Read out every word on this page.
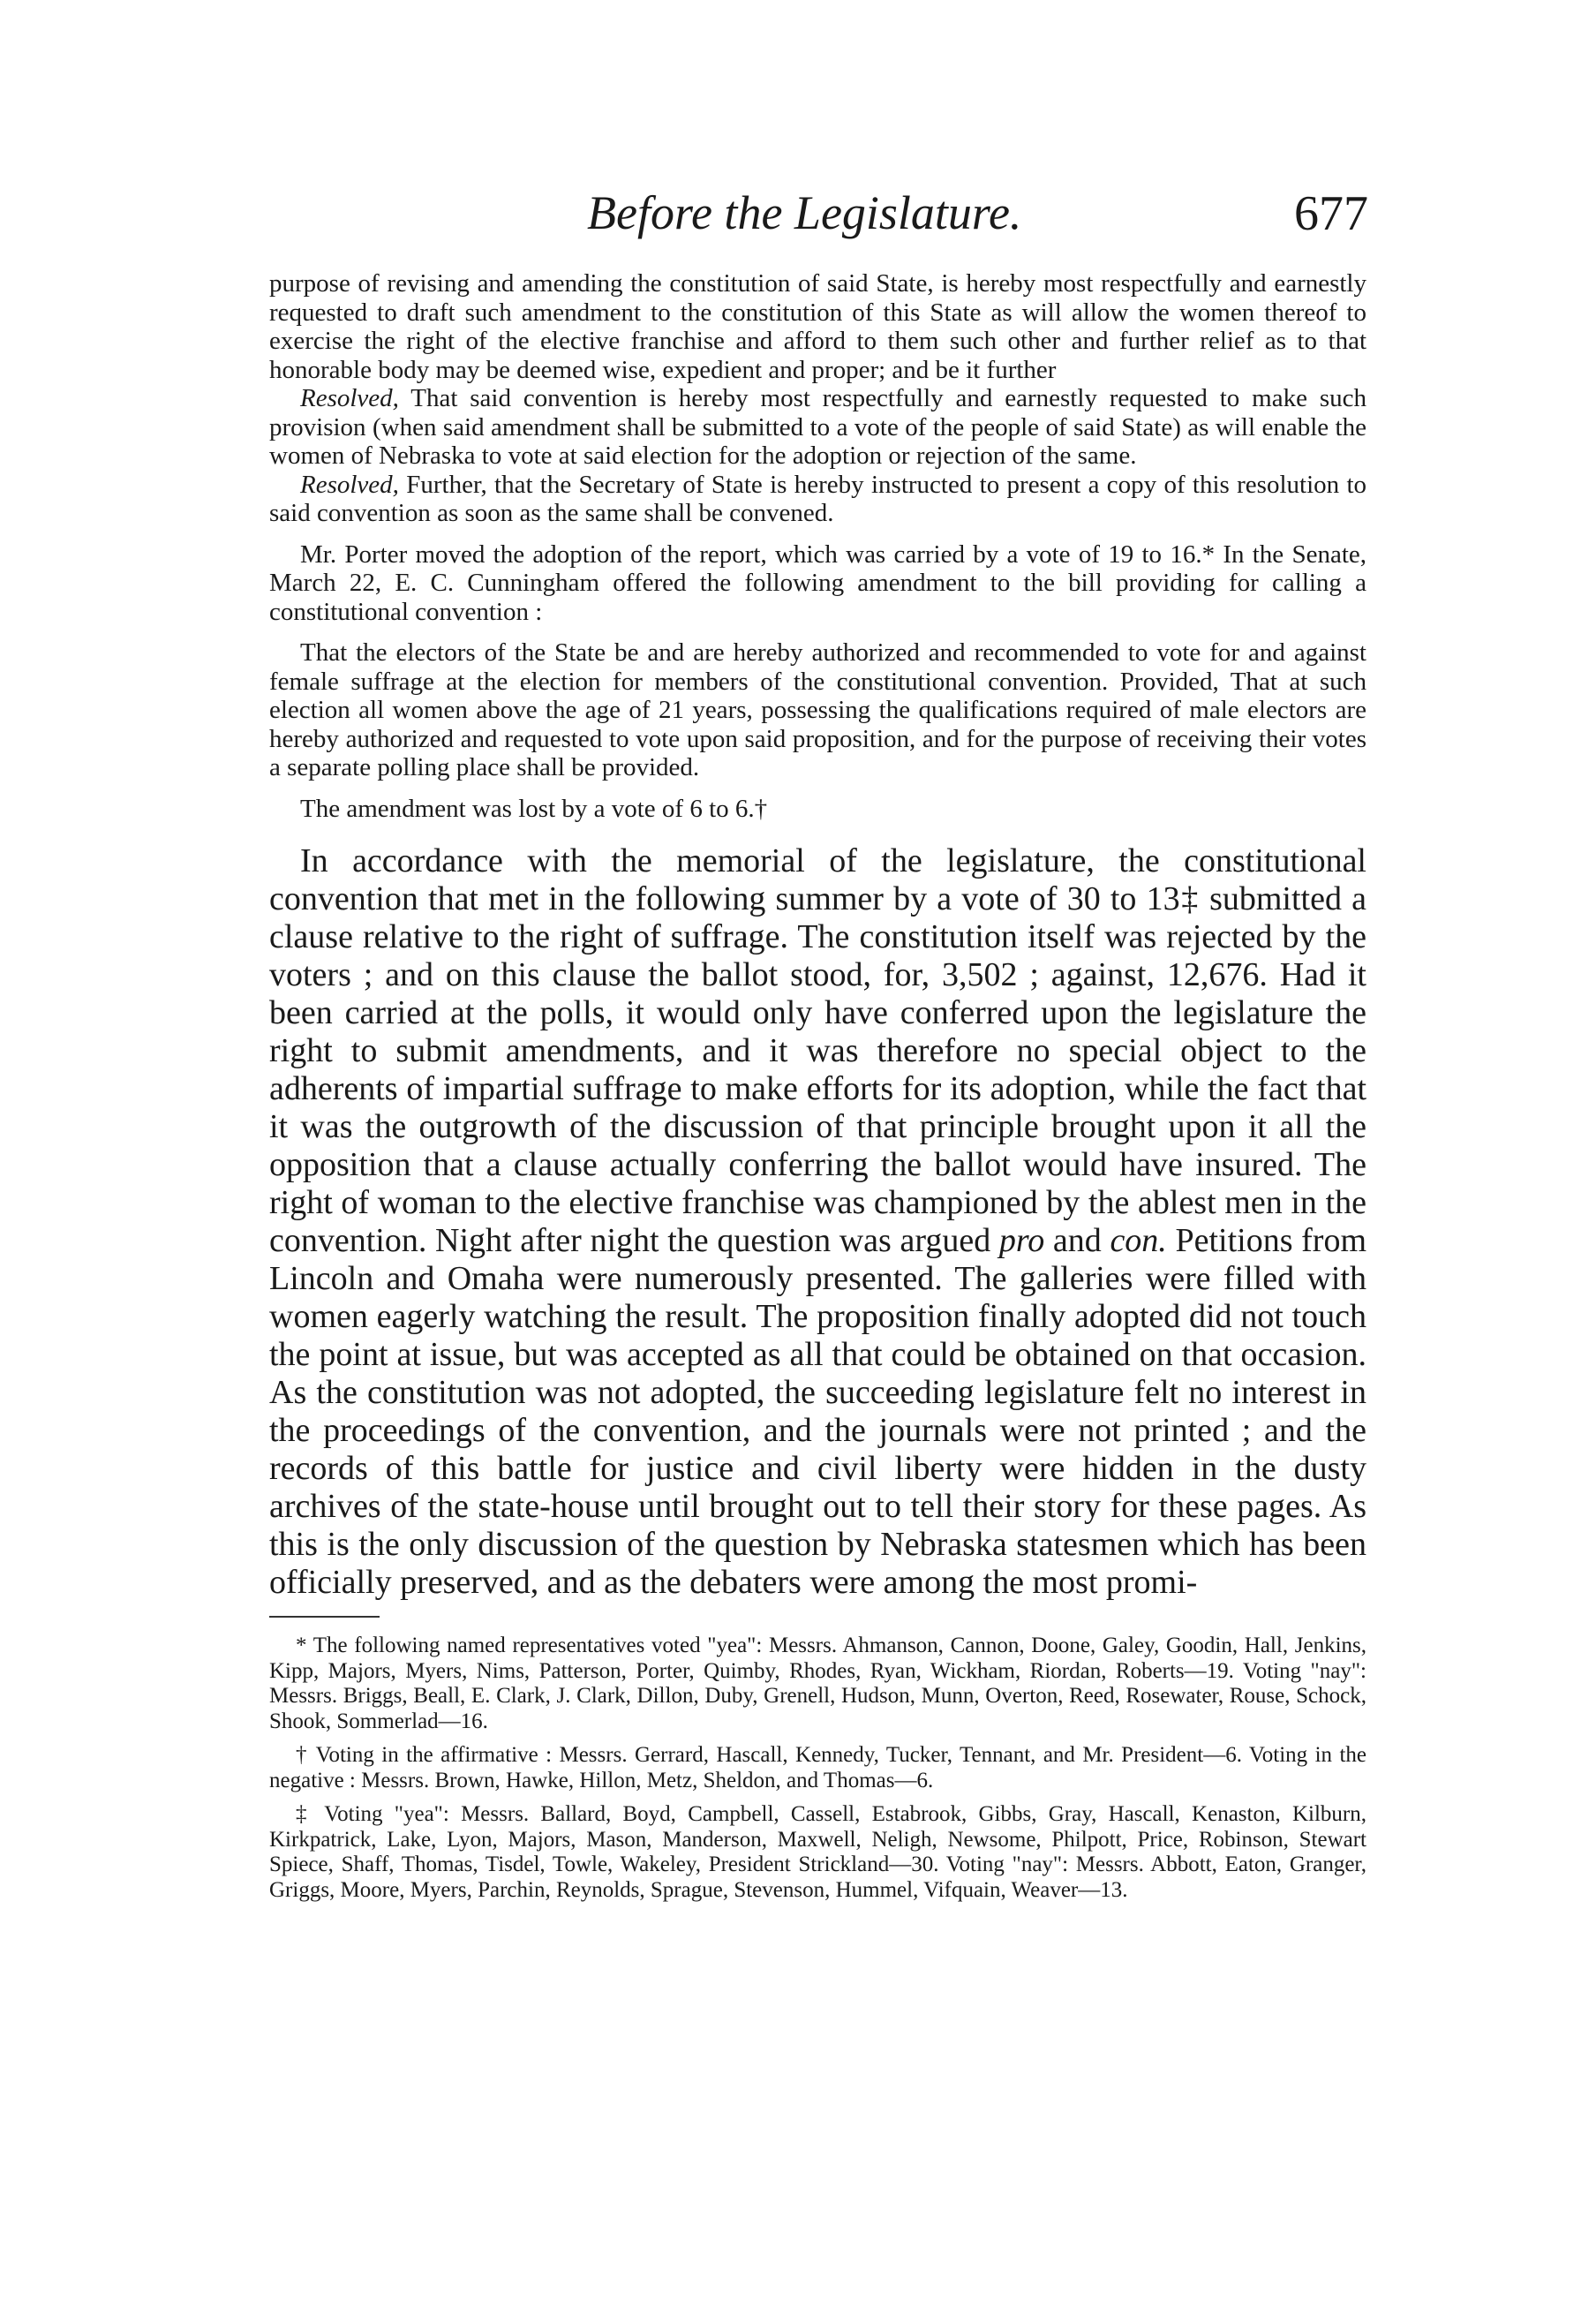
Before the Legislature.	677

purpose of revising and amending the constitution of said State, is hereby most respectfully and earnestly requested to draft such amendment to the constitution of this State as will allow the women thereof to exercise the right of the elective franchise and afford to them such other and further relief as to that honorable body may be deemed wise, expedient and proper; and be it further

Resolved, That said convention is hereby most respectfully and earnestly requested to make such provision (when said amendment shall be submitted to a vote of the people of said State) as will enable the women of Nebraska to vote at said election for the adoption or rejection of the same.

Resolved, Further, that the Secretary of State is hereby instructed to present a copy of this resolution to said convention as soon as the same shall be convened.

Mr. Porter moved the adoption of the report, which was carried by a vote of 19 to 16.* In the Senate, March 22, E. C. Cunningham offered the following amendment to the bill providing for calling a constitutional convention :

That the electors of the State be and are hereby authorized and recommended to vote for and against female suffrage at the election for members of the constitutional convention. Provided, That at such election all women above the age of 21 years, possessing the qualifications required of male electors are hereby authorized and requested to vote upon said proposition, and for the purpose of receiving their votes a separate polling place shall be provided.

The amendment was lost by a vote of 6 to 6.†

In accordance with the memorial of the legislature, the constitutional convention that met in the following summer by a vote of 30 to 13‡ submitted a clause relative to the right of suffrage. The constitution itself was rejected by the voters ; and on this clause the ballot stood, for, 3,502 ; against, 12,676. Had it been carried at the polls, it would only have conferred upon the legislature the right to submit amendments, and it was therefore no special object to the adherents of impartial suffrage to make efforts for its adoption, while the fact that it was the outgrowth of the discussion of that principle brought upon it all the opposition that a clause actually conferring the ballot would have insured. The right of woman to the elective franchise was championed by the ablest men in the convention. Night after night the question was argued pro and con. Petitions from Lincoln and Omaha were numerously presented. The galleries were filled with women eagerly watching the result. The proposition finally adopted did not touch the point at issue, but was accepted as all that could be obtained on that occasion. As the constitution was not adopted, the succeeding legislature felt no interest in the proceedings of the convention, and the journals were not printed ; and the records of this battle for justice and civil liberty were hidden in the dusty archives of the state-house until brought out to tell their story for these pages. As this is the only discussion of the question by Nebraska statesmen which has been officially preserved, and as the debaters were among the most promi-

* The following named representatives voted "yea": Messrs. Ahmanson, Cannon, Doone, Galey, Goodin, Hall, Jenkins, Kipp, Majors, Myers, Nims, Patterson, Porter, Quimby, Rhodes, Ryan, Wickham, Riordan, Roberts—19. Voting "nay": Messrs. Briggs, Beall, E. Clark, J. Clark, Dillon, Duby, Grenell, Hudson, Munn, Overton, Reed, Rosewater, Rouse, Schock, Shook, Sommerlad—16.

† Voting in the affirmative : Messrs. Gerrard, Hascall, Kennedy, Tucker, Tennant, and Mr. President—6. Voting in the negative : Messrs. Brown, Hawke, Hillon, Metz, Sheldon, and Thomas—6.

‡ Voting "yea": Messrs. Ballard, Boyd, Campbell, Cassell, Estabrook, Gibbs, Gray, Hascall, Kenaston, Kilburn, Kirkpatrick, Lake, Lyon, Majors, Mason, Manderson, Maxwell, Neligh, Newsome, Philpott, Price, Robinson, Stewart Spiece, Shaff, Thomas, Tisdel, Towle, Wakeley, President Strickland—30. Voting "nay": Messrs. Abbott, Eaton, Granger, Griggs, Moore, Myers, Parchin, Reynolds, Sprague, Stevenson, Hummel, Vifquain, Weaver—13.
